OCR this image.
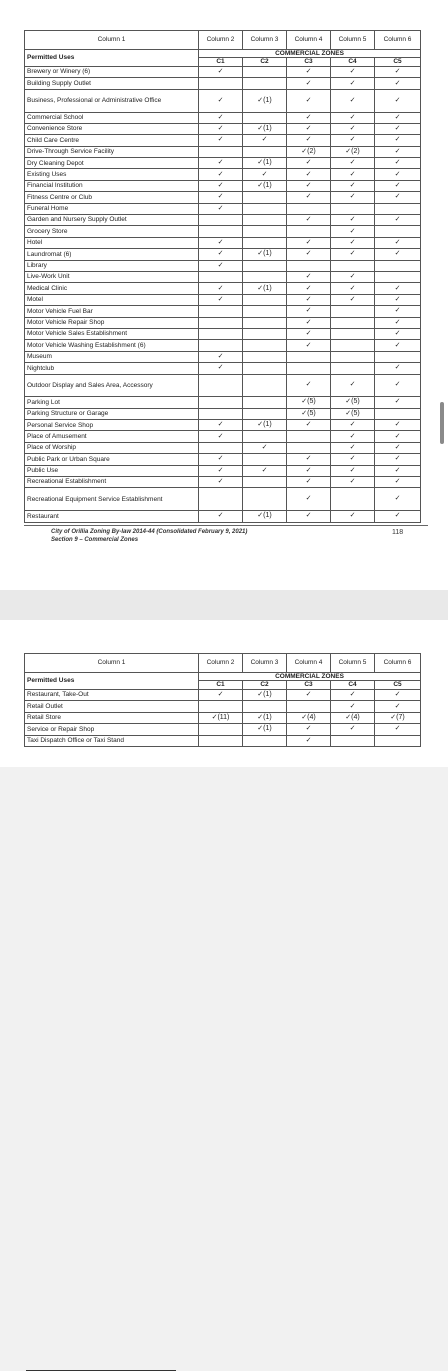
Column 1	Column 2	Column 3	Column 4	Column 5	Column 6
Permitted Uses	COMMERCIAL ZONES				
	C1	C2	C3	C4	C5
Brewery or Winery (6)	✓		✓	✓	✓
Building Supply Outlet			✓	✓	✓
Business, Professional or Administrative Office	✓	✓(1)	✓	✓	✓
Commercial School	✓		✓	✓	✓
Convenience Store	✓	✓(1)	✓	✓	✓
Child Care Centre	✓	✓	✓	✓	✓
Drive-Through Service Facility			✓(2)	✓(2)	✓
Dry Cleaning Depot	✓	✓(1)	✓	✓	✓
Existing Uses	✓	✓	✓	✓	✓
Financial Institution	✓	✓(1)	✓	✓	✓
Fitness Centre or Club	✓		✓	✓	✓
Funeral Home	✓				
Garden and Nursery Supply Outlet			✓	✓	✓
Grocery Store				✓	
Hotel	✓		✓	✓	✓
Laundromat (6)	✓	✓(1)	✓	✓	✓
Library	✓				
Live-Work Unit			✓	✓	
Medical Clinic	✓	✓(1)	✓	✓	✓
Motel	✓		✓	✓	✓
Motor Vehicle Fuel Bar			✓		✓
Motor Vehicle Repair Shop			✓		✓
Motor Vehicle Sales Establishment			✓		✓
Motor Vehicle Washing Establishment (6)			✓		✓
Museum	✓				
Nightclub	✓				✓
Outdoor Display and Sales Area, Accessory			✓	✓	✓
Parking Lot			✓(5)	✓(5)	✓
Parking Structure or Garage			✓(5)	✓(5)	
Personal Service Shop	✓	✓(1)	✓	✓	✓
Place of Amusement	✓			✓	✓
Place of Worship		✓		✓	✓
Public Park or Urban Square	✓		✓	✓	✓
Public Use	✓	✓	✓	✓	✓
Recreational Establishment	✓		✓	✓	✓
Recreational Equipment Service Establishment			✓		✓
Restaurant	✓	✓(1)	✓	✓	✓
City of Orillia Zoning By-law 2014-44 (Consolidated February 9, 2021)
Section 9 – Commercial Zones
118
Column 1	Column 2	Column 3	Column 4	Column 5	Column 6
Permitted Uses	COMMERCIAL ZONES				
	C1	C2	C3	C4	C5
Restaurant, Take-Out	✓	✓(1)	✓	✓	✓
Retail Outlet				✓	✓
Retail Store	✓(11)	✓(1)	✓(4)	✓(4)	✓(7)
Service or Repair Shop		✓(1)	✓	✓	✓
Taxi Dispatch Office or Taxi Stand			✓		
